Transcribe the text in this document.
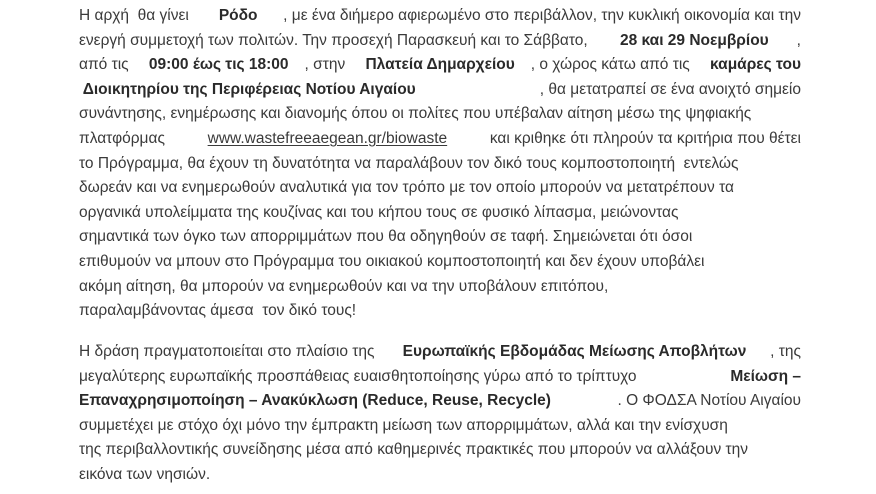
Η αρχή  θα γίνει Ρόδο , με ένα διήμερο αφιερωμένο στο περιβάλλον, την κυκλική οικονομία και την
ενεργή συμμετοχή των πολιτών. Την προσεχή Παρασκευή και το Σάββατο, 28 και 29 Νοεμβρίου ,
από τις 09:00 έως τις 18:00 , στην Πλατεία Δημαρχείου , ο χώρος κάτω από τις καμάρες του
Διοικητηρίου της Περιφέρειας Νοτίου Αιγαίου	, θα μετατραπεί σε ένα ανοιχτό σημείο
συνάντησης, ενημέρωσης και διανομής όπου οι πολίτες που υπέβαλαν αίτηση μέσω της ψηφιακής
πλατφόρμας www.wastefreeaegean.gr/biowaste και κριθηκε ότι πληρούν τα κριτήρια που θέτει
το Πρόγραμμα, θα έχουν τη δυνατότητα να παραλάβουν τον δικό τους κομποστοποιητή  εντελώς
δωρεάν και να ενημερωθούν αναλυτικά για τον τρόπο με τον οποίο μπορούν να μετατρέπουν τα
οργανικά υπολείμματα της κουζίνας και του κήπου τους σε φυσικό λίπασμα, μειώνοντας
σημαντικά των όγκο των απορριμμάτων που θα οδηγηθούν σε ταφή. Σημειώνεται ότι όσοι
επιθυμούν να μπουν στο Πρόγραμμα του οικιακού κομποστοποιητή και δεν έχουν υποβάλει
ακόμη αίτηση, θα μπορούν να ενημερωθούν και να την υποβάλουν επιτόπου,
παραλαμβάνοντας άμεσα  τον δικό τους!
Η δράση πραγματοποιείται στο πλαίσιο της Ευρωπαϊκής Εβδομάδας Μείωσης Αποβλήτων , της
μεγαλύτερης ευρωπαϊκής προσπάθειας ευαισθητοποίησης γύρω από το τρίπτυχο	Μείωση –
Επαναχρησιμοποίηση – Ανακύκλωση (Reduce, Reuse, Recycle)	. Ο ΦΟΔΣΑ Νοτίου Αιγαίου
συμμετέχει με στόχο όχι μόνο την έμπρακτη μείωση των απορριμμάτων, αλλά και την ενίσχυση
της περιβαλλοντικής συνείδησης μέσα από καθημερινές πρακτικές που μπορούν να αλλάξουν την
εικόνα των νησιών.
